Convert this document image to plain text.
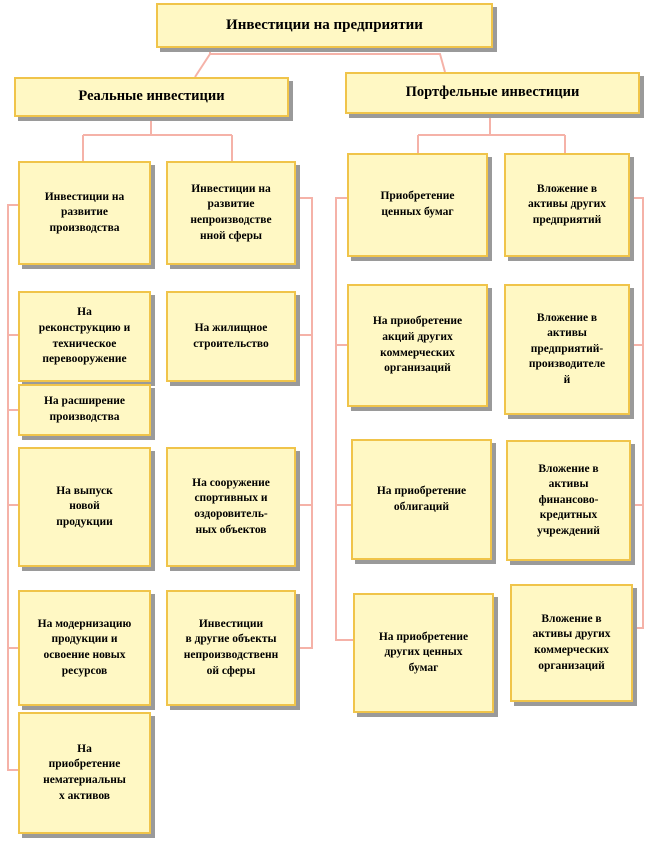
Инвестиции на предприятии
Реальные инвестиции	Портфельные инвестиции
Инвестиции на
развитие
производства
На
реконструкцию и
техническое
перевооружение
На расширение
производства
На выпуск
новой
продукции
На модернизацию
продукции и
освоение новых
ресурсов
На
приобретение
нематериальны
х активов
Инвестиции на
развитие
непроизводстве
нной сферы
На жилищное
строительство
На сооружение
спортивных и
оздоровитель-
ных объектов
Инвестиции
в другие объекты
непроизводственн
ой сферы
Приобретение
ценных бумаг
На приобретение
акций других
коммерческих
организаций
На приобретение
облигаций
На приобретение
других ценных
бумаг
Вложение в
активы других
предприятий
Вложение в
активы
предприятий-
производителе
й
Вложение в
активы
финансово-
кредитных
учреждений
Вложение в
активы других
коммерческих
организаций
